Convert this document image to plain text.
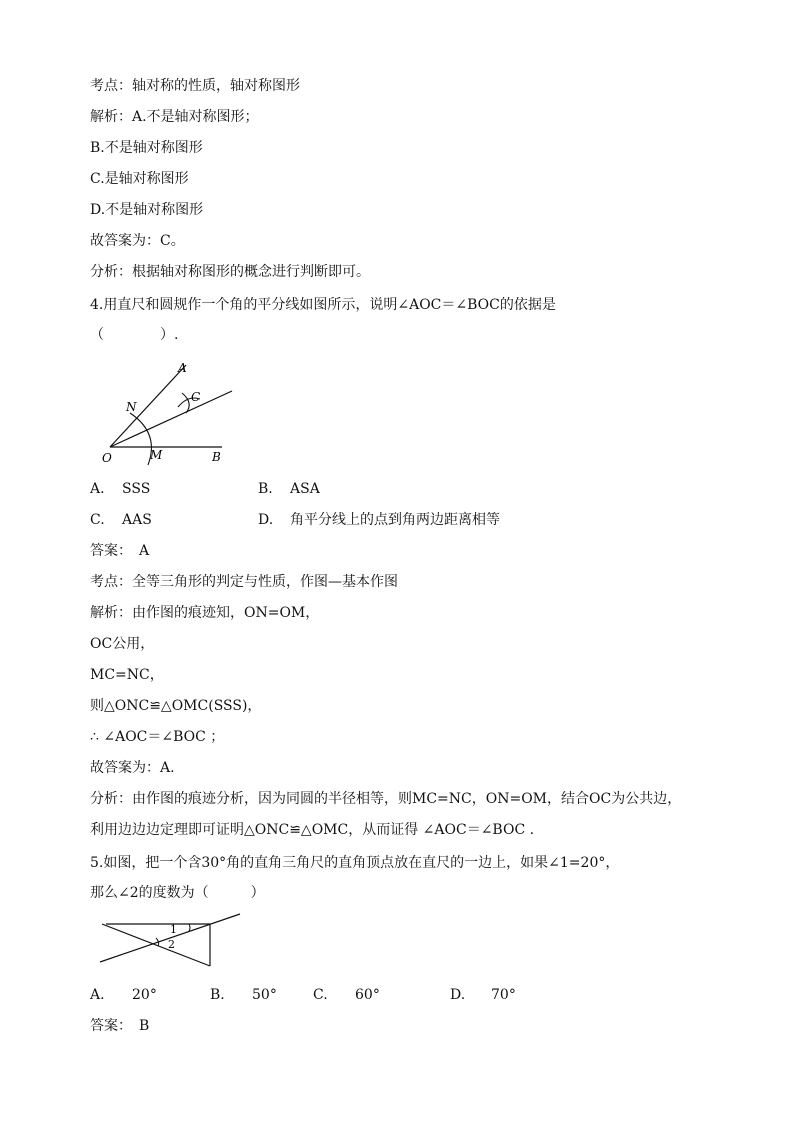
考点：轴对称的性质，轴对称图形
解析：A.不是轴对称图形；
B.不是轴对称图形
C.是轴对称图形
D.不是轴对称图形
故答案为：C。
分析：根据轴对称图形的概念进行判断即可。
4.用直尺和圆规作一个角的平分线如图所示，说明∠AOC＝∠BOC的依据是
（　　　　）.
A
N
C
O	M	B
A. SSS	B. ASA
C. AAS	D. 角平分线上的点到角两边距离相等
答案：　A
考点：全等三角形的判定与性质，作图—基本作图
解析：由作图的痕迹知，ON=OM，
OC公用，
MC=NC，
则△ONC≌△OMC(SSS)，
∴ ∠AOC＝∠BOC ；
故答案为：A.
分析：由作图的痕迹分析，因为同圆的半径相等，则MC=NC，ON=OM，结合OC为公共边，
利用边边边定理即可证明△ONC≌△OMC，从而证得 ∠AOC＝∠BOC .
5.如图，把一个含30°角的直角三角尺的直角顶点放在直尺的一边上，如果∠1=20°，
那么∠2的度数为（　　　）
1
2
A. 20°	B. 50°	C. 60°	D. 70°
答案：　B
